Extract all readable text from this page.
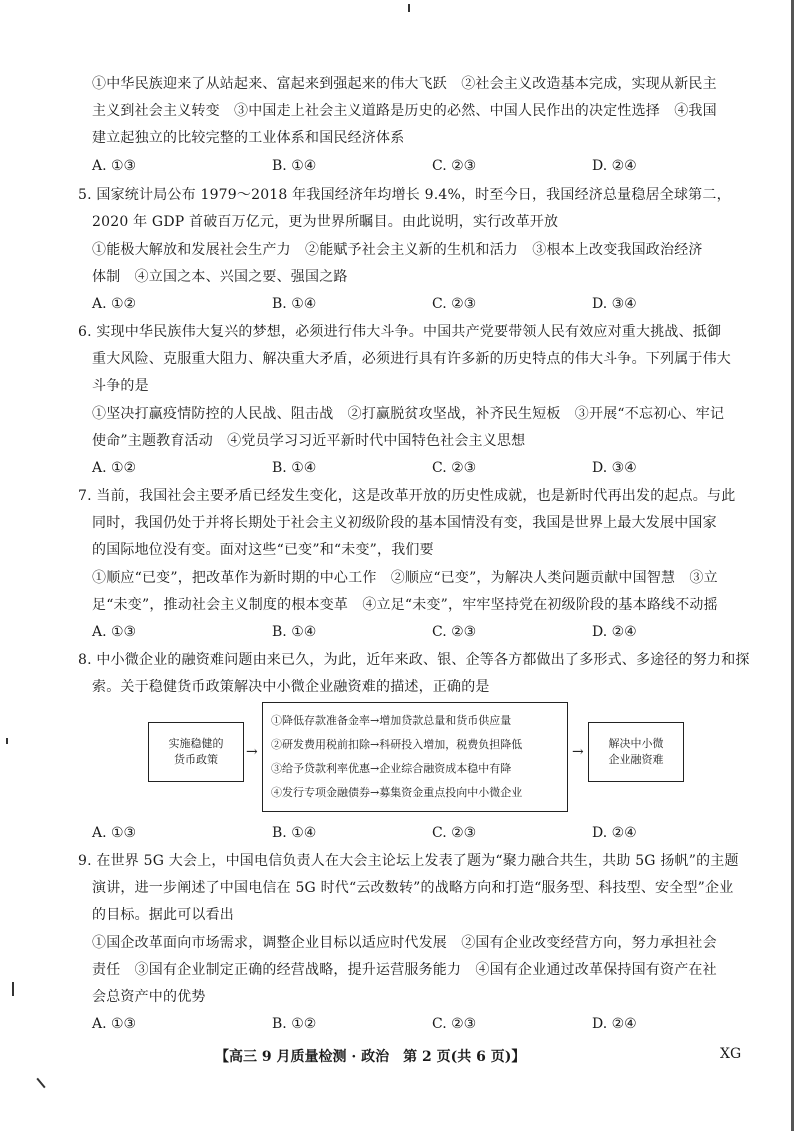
①中华民族迎来了从站起来、富起来到强起来的伟大飞跃　②社会主义改造基本完成，实现从新民主
主义到社会主义转变　③中国走上社会主义道路是历史的必然、中国人民作出的决定性选择　④我国
建立起独立的比较完整的工业体系和国民经济体系
A. ①③	B. ①④	C. ②③	D. ②④
5. 国家统计局公布 1979～2018 年我国经济年均增长 9.4%，时至今日，我国经济总量稳居全球第二，
2020 年 GDP 首破百万亿元，更为世界所瞩目。由此说明，实行改革开放
①能极大解放和发展社会生产力　②能赋予社会主义新的生机和活力　③根本上改变我国政治经济
体制　④立国之本、兴国之要、强国之路
A. ①②	B. ①④	C. ②③	D. ③④
6. 实现中华民族伟大复兴的梦想，必须进行伟大斗争。中国共产党要带领人民有效应对重大挑战、抵御
重大风险、克服重大阻力、解决重大矛盾，必须进行具有许多新的历史特点的伟大斗争。下列属于伟大
斗争的是
①坚决打赢疫情防控的人民战、阻击战　②打赢脱贫攻坚战，补齐民生短板　③开展“不忘初心、牢记
使命”主题教育活动　④党员学习习近平新时代中国特色社会主义思想
A. ①②	B. ①④	C. ②③	D. ③④
7. 当前，我国社会主要矛盾已经发生变化，这是改革开放的历史性成就，也是新时代再出发的起点。与此
同时，我国仍处于并将长期处于社会主义初级阶段的基本国情没有变，我国是世界上最大发展中国家
的国际地位没有变。面对这些“已变”和“未变”，我们要
①顺应“已变”，把改革作为新时期的中心工作　②顺应“已变”，为解决人类问题贡献中国智慧　③立
足“未变”，推动社会主义制度的根本变革　④立足“未变”，牢牢坚持党在初级阶段的基本路线不动摇
A. ①③	B. ①④	C. ②③	D. ②④
8. 中小微企业的融资难问题由来已久，为此，近年来政、银、企等各方都做出了多形式、多途径的努力和探
索。关于稳健货币政策解决中小微企业融资难的描述，正确的是
实施稳健的
货币政策 →
①降低存款准备金率→增加贷款总量和货币供应量
②研发费用税前扣除→科研投入增加，税费负担降低
③给予贷款利率优惠→企业综合融资成本稳中有降
④发行专项金融债券→募集资金重点投向中小微企业
→
解决中小微
企业融资难
A. ①③	B. ①④	C. ②③	D. ②④
9. 在世界 5G 大会上，中国电信负责人在大会主论坛上发表了题为“聚力融合共生，共助 5G 扬帆”的主题
演讲，进一步阐述了中国电信在 5G 时代“云改数转”的战略方向和打造“服务型、科技型、安全型”企业
的目标。据此可以看出
①国企改革面向市场需求，调整企业目标以适应时代发展　②国有企业改变经营方向，努力承担社会
责任　③国有企业制定正确的经营战略，提升运营服务能力　④国有企业通过改革保持国有资产在社
会总资产中的优势
A. ①③	B. ①②	C. ②③	D. ②④
【高三 9 月质量检测 · 政治　第 2 页(共 6 页)】	XG
